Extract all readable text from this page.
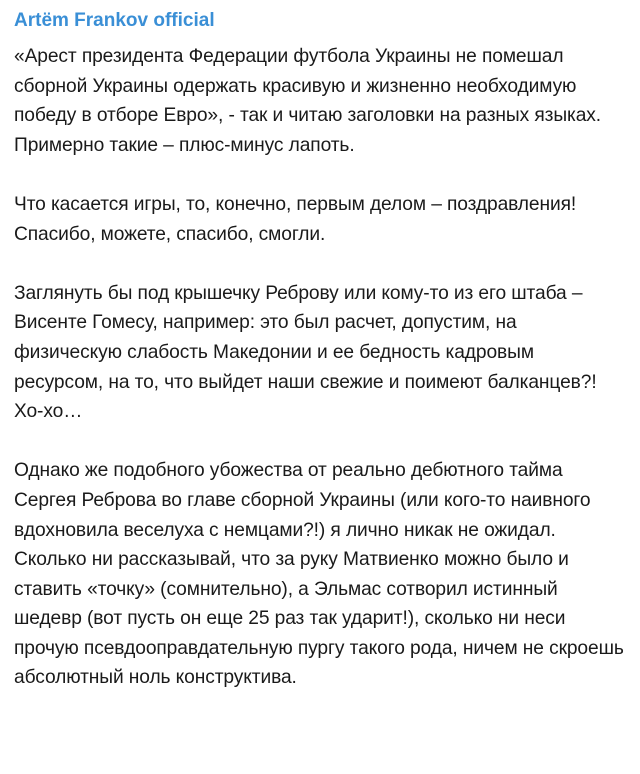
Artëm Frankov official

«Арест президента Федерации футбола Украины не помешал сборной Украины одержать красивую и жизненно необходимую победу в отборе Евро», - так и читаю заголовки на разных языках. Примерно такие – плюс-минус лапоть.

Что касается игры, то, конечно, первым делом – поздравления! Спасибо, можете, спасибо, смогли.

Заглянуть бы под крышечку Реброву или кому-то из его штаба – Висенте Гомесу, например: это был расчет, допустим, на физическую слабость Македонии и ее бедность кадровым ресурсом, на то, что выйдет наши свежие и поимеют балканцев?! Хо-хо…

Однако же подобного убожества от реально дебютного тайма Сергея Реброва во главе сборной Украины (или кого-то наивного вдохновила веселуха с немцами?!) я лично никак не ожидал. Сколько ни рассказывай, что за руку Матвиенко можно было и ставить «точку» (сомнительно), а Эльмас сотворил истинный шедевр (вот пусть он еще 25 раз так ударит!), сколько ни неси прочую псевдооправдательную пургу такого рода, ничем не скроешь абсолютный ноль конструктива.
